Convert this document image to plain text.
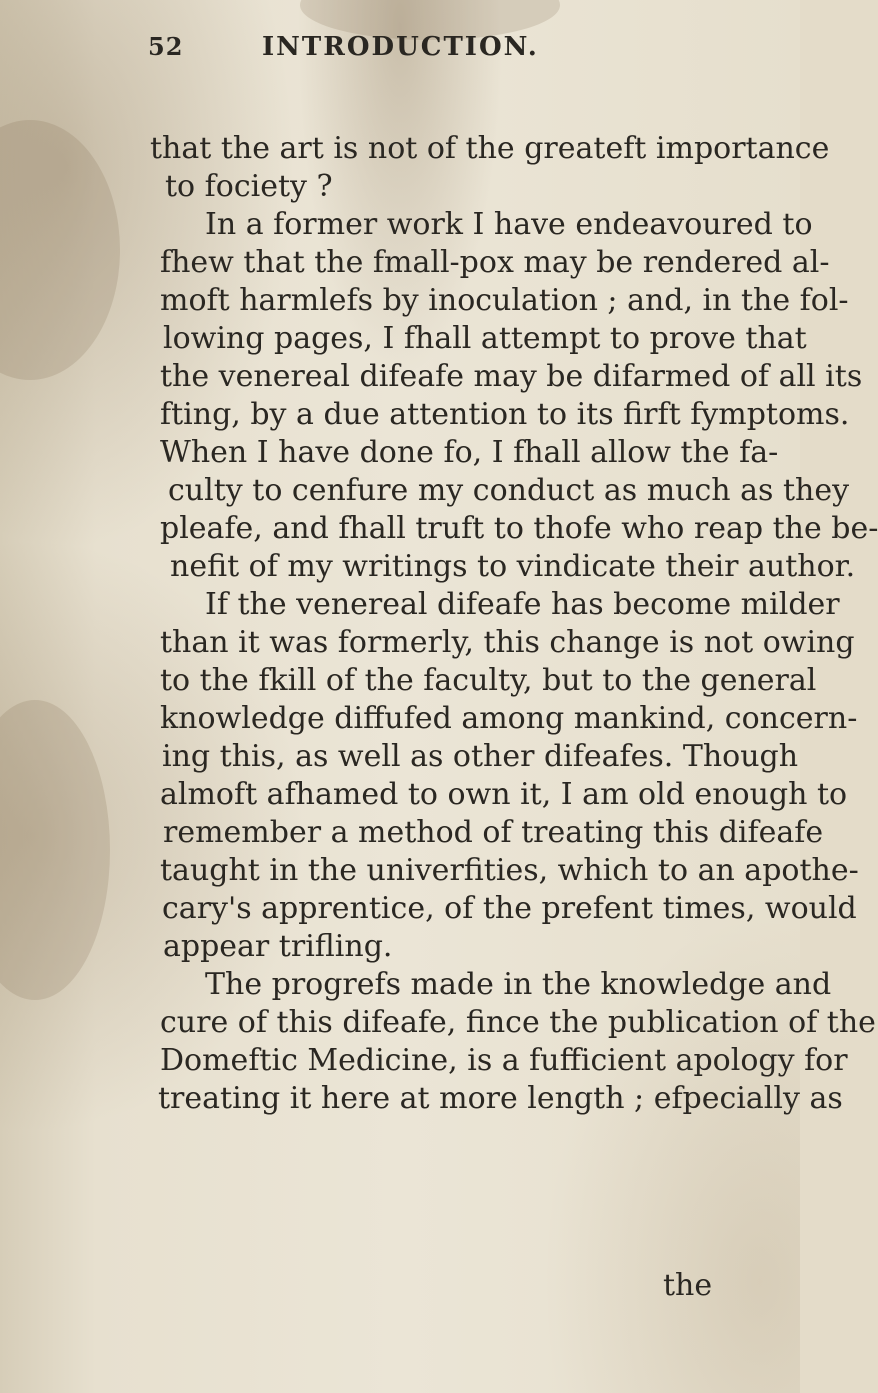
52	INTRODUCTION.
that the art is not of the greateft importance
to fociety ?
In a former work I have endeavoured to
fhew that the fmall-pox may be rendered al-
moft harmlefs by inoculation ; and, in the fol-
lowing pages, I fhall attempt to prove that
the venereal difeafe may be difarmed of all its
fting, by a due attention to its firft fymptoms.
When I have done fo, I fhall allow the fa-
culty to cenfure my conduct as much as they
pleafe, and fhall truft to thofe who reap the be-
nefit of my writings to vindicate their author.
If the venereal difeafe has become milder
than it was formerly, this change is not owing
to the fkill of the faculty, but to the general
knowledge diffufed among mankind, concern-
ing this, as well as other difeafes. Though
almoft afhamed to own it, I am old enough to
remember a method of treating this difeafe
taught in the univerfities, which to an apothe-
cary's apprentice, of the prefent times, would
appear trifling.
The progrefs made in the knowledge and
cure of this difeafe, fince the publication of the
Domeftic Medicine, is a fufficient apology for
treating it here at more length ; efpecially as
the
